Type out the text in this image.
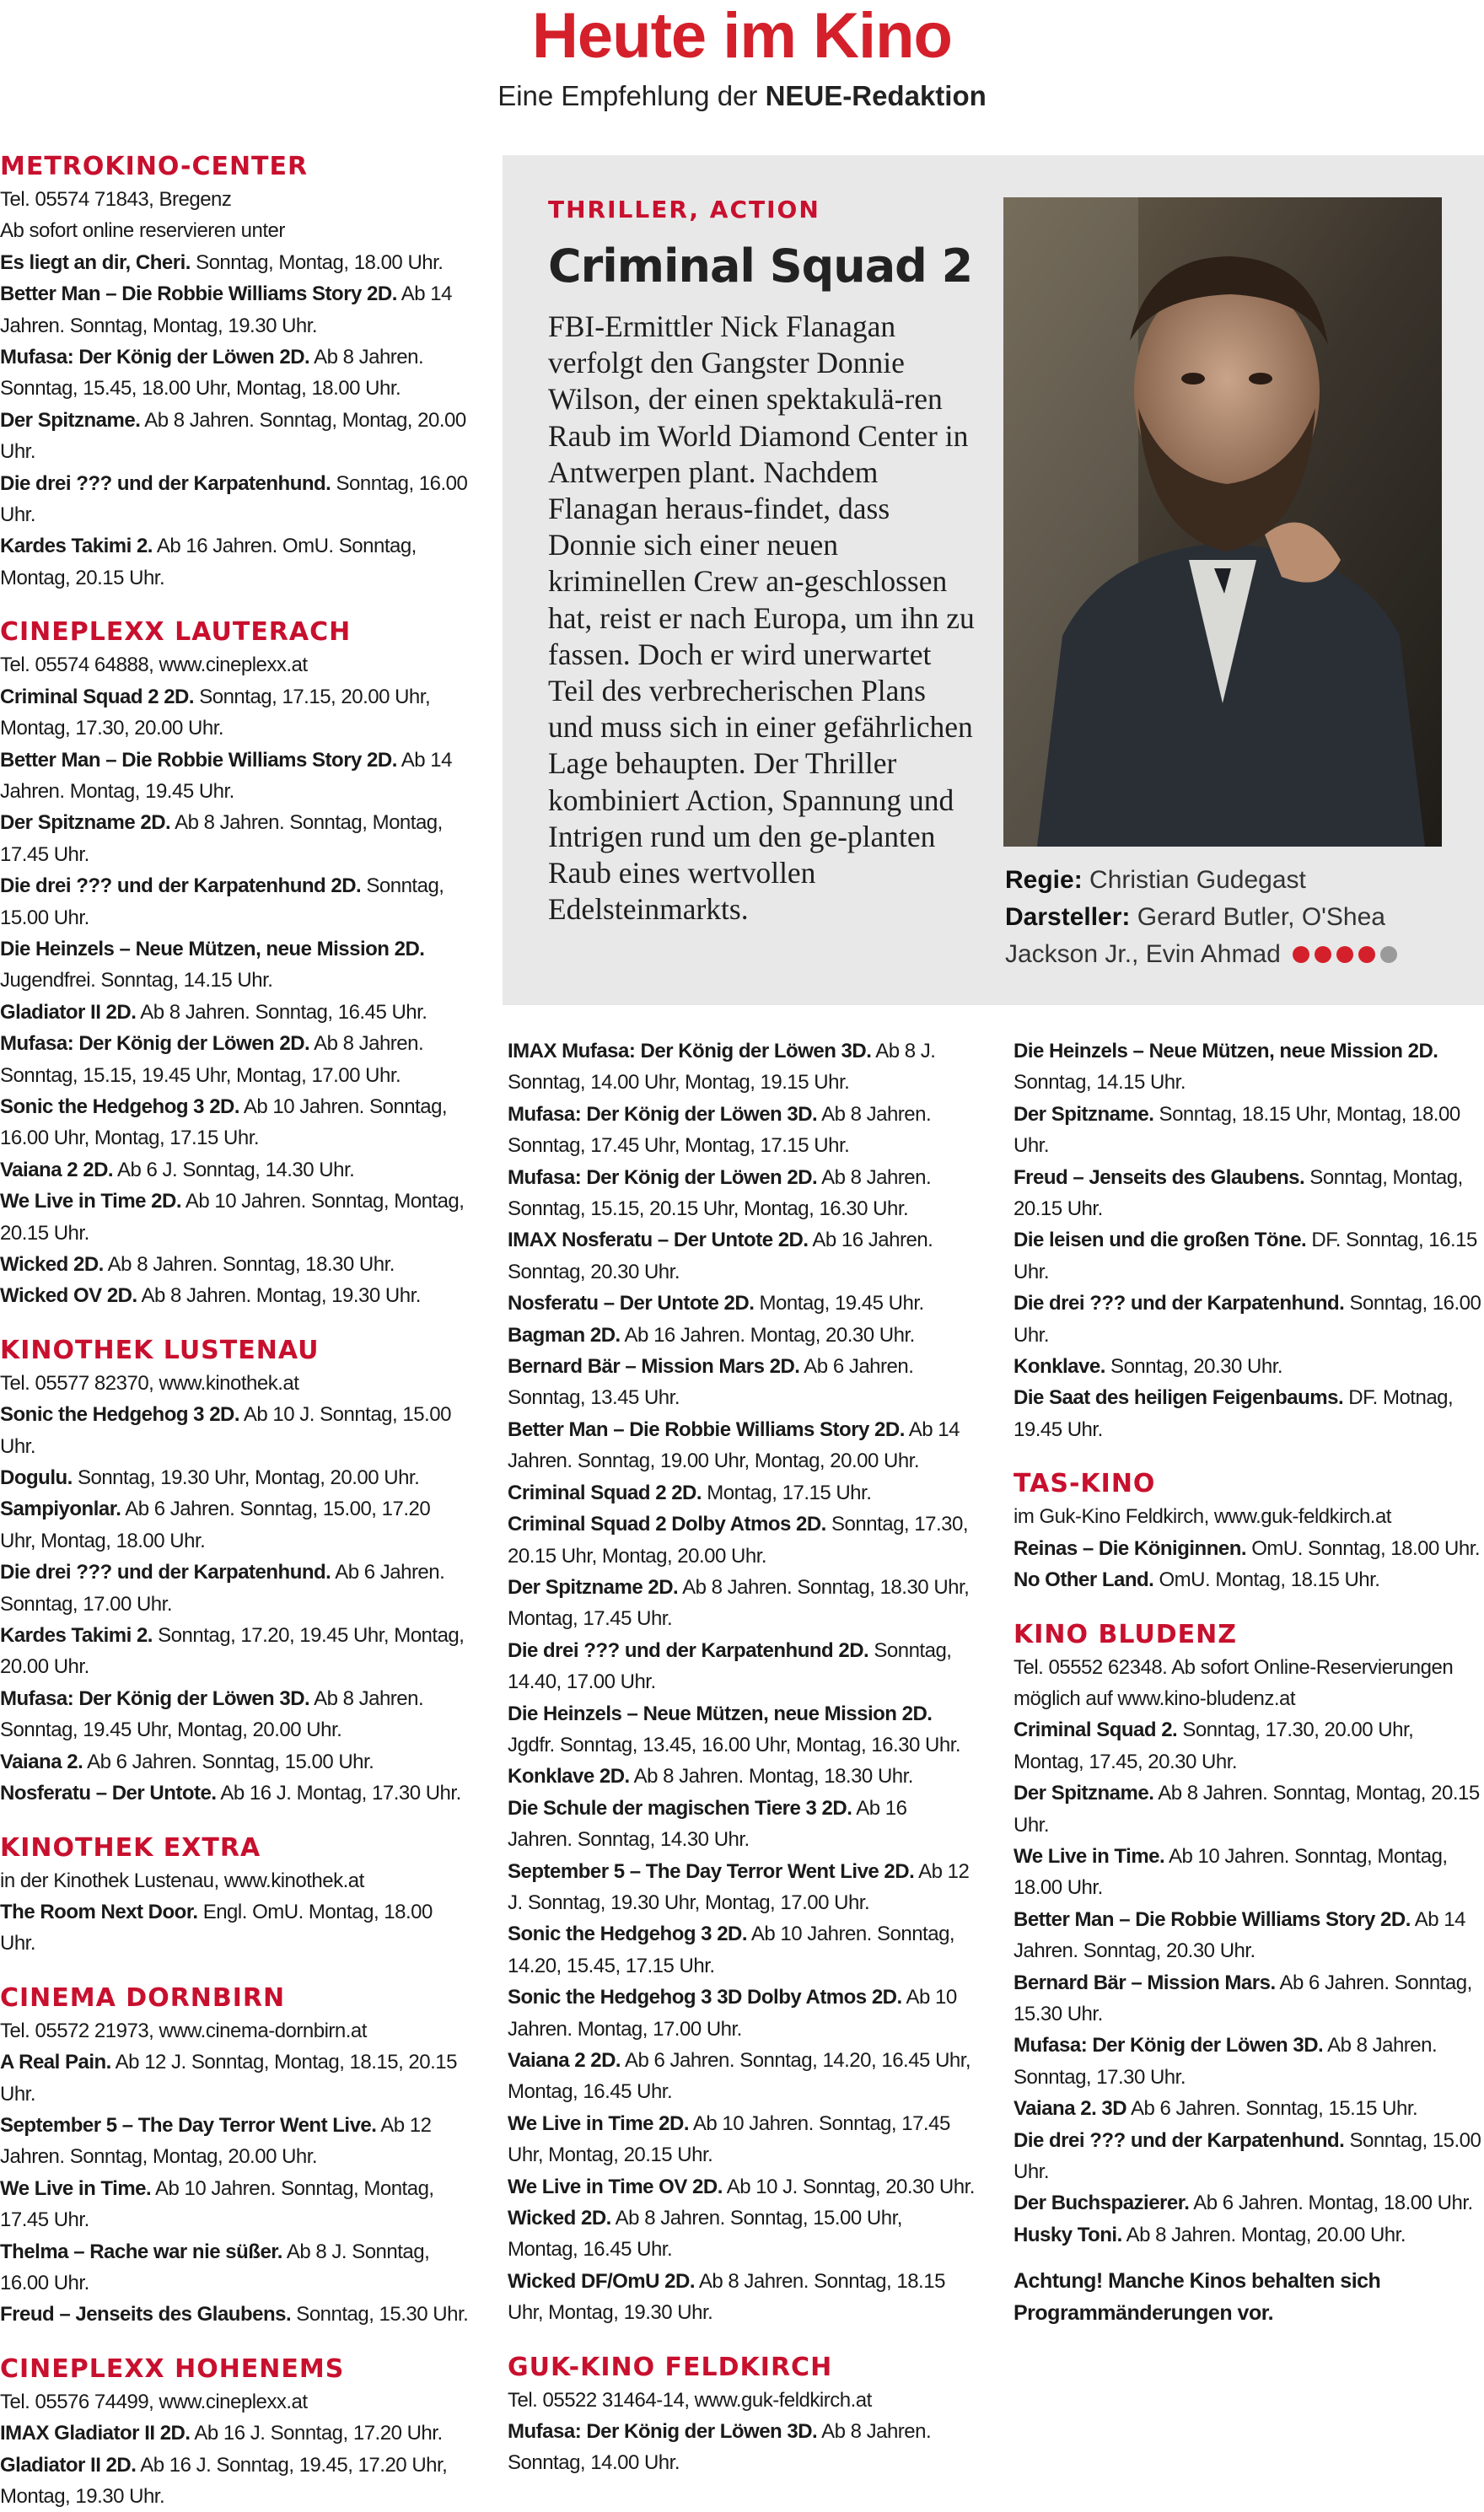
Heute im Kino
Eine Empfehlung der NEUE-Redaktion

METROKINO-CENTER

Tel. 05574 71843, Bregenz

Ab sofort online reservieren unter

Es liegt an dir, Cheri. Sonntag, Montag, 18.00 Uhr.

Better Man – Die Robbie Williams Story 2D. Ab 14 Jahren. Sonntag, Montag, 19.30 Uhr.

Mufasa: Der König der Löwen 2D. Ab 8 Jahren. Sonntag, 15.45, 18.00 Uhr, Montag, 18.00 Uhr.

Der Spitzname. Ab 8 Jahren. Sonntag, Montag, 20.00 Uhr.

Die drei ??? und der Karpatenhund. Sonntag, 16.00 Uhr.

Kardes Takimi 2. Ab 16 Jahren. OmU. Sonntag, Montag, 20.15 Uhr.

CINEPLEXX LAUTERACH

Tel. 05574 64888, www.cineplexx.at

Criminal Squad 2 2D. Sonntag, 17.15, 20.00 Uhr, Montag, 17.30, 20.00 Uhr.

Better Man – Die Robbie Williams Story 2D. Ab 14 Jahren. Montag, 19.45 Uhr.

Der Spitzname 2D. Ab 8 Jahren. Sonntag, Montag, 17.45 Uhr.

Die drei ??? und der Karpatenhund 2D. Sonntag, 15.00 Uhr.

Die Heinzels – Neue Mützen, neue Mission 2D. Jugendfrei. Sonntag, 14.15 Uhr.

Gladiator II 2D. Ab 8 Jahren. Sonntag, 16.45 Uhr.

Mufasa: Der König der Löwen 2D. Ab 8 Jahren. Sonntag, 15.15, 19.45 Uhr, Montag, 17.00 Uhr.

Sonic the Hedgehog 3 2D. Ab 10 Jahren. Sonntag, 16.00 Uhr, Montag, 17.15 Uhr.

Vaiana 2 2D. Ab 6 J. Sonntag, 14.30 Uhr.

We Live in Time 2D. Ab 10 Jahren. Sonntag, Montag, 20.15 Uhr.

Wicked 2D. Ab 8 Jahren. Sonntag, 18.30 Uhr.

Wicked OV 2D. Ab 8 Jahren. Montag, 19.30 Uhr.

KINOTHEK LUSTENAU

Tel. 05577 82370, www.kinothek.at

Sonic the Hedgehog 3 2D. Ab 10 J. Sonntag, 15.00 Uhr.

Dogulu. Sonntag, 19.30 Uhr, Montag, 20.00 Uhr.

Sampiyonlar. Ab 6 Jahren. Sonntag, 15.00, 17.20 Uhr, Montag, 18.00 Uhr.

Die drei ??? und der Karpatenhund. Ab 6 Jahren. Sonntag, 17.00 Uhr.

Kardes Takimi 2. Sonntag, 17.20, 19.45 Uhr, Montag, 20.00 Uhr.

Mufasa: Der König der Löwen 3D. Ab 8 Jahren. Sonntag, 19.45 Uhr, Montag, 20.00 Uhr.

Vaiana 2. Ab 6 Jahren. Sonntag, 15.00 Uhr.

Nosferatu – Der Untote. Ab 16 J. Montag, 17.30 Uhr.

KINOTHEK EXTRA

in der Kinothek Lustenau, www.kinothek.at

The Room Next Door. Engl. OmU. Montag, 18.00 Uhr.

CINEMA DORNBIRN

Tel. 05572 21973, www.cinema-dornbirn.at

A Real Pain. Ab 12 J. Sonntag, Montag, 18.15, 20.15 Uhr.

September 5 – The Day Terror Went Live. Ab 12 Jahren. Sonntag, Montag, 20.00 Uhr.

We Live in Time. Ab 10 Jahren. Sonntag, Montag, 17.45 Uhr.

Thelma – Rache war nie süßer. Ab 8 J. Sonntag, 16.00 Uhr.

Freud – Jenseits des Glaubens. Sonntag, 15.30 Uhr.

CINEPLEXX HOHENEMS

Tel. 05576 74499, www.cineplexx.at

IMAX Gladiator II 2D. Ab 16 J. Sonntag, 17.20 Uhr.

Gladiator II 2D. Ab 16 J. Sonntag, 19.45, 17.20 Uhr, Montag, 19.30 Uhr.

THRILLER, ACTION
Criminal Squad 2
FBI-Ermittler Nick Flanagan verfolgt den Gangster Donnie Wilson, der einen spektakulä-ren Raub im World Diamond Center in Antwerpen plant. Nachdem Flanagan heraus-findet, dass Donnie sich einer neuen kriminellen Crew an-geschlossen hat, reist er nach Europa, um ihn zu fassen. Doch er wird unerwartet Teil des verbrecherischen Plans und muss sich in einer gefährlichen Lage behaupten. Der Thriller kombiniert Action, Spannung und Intrigen rund um den ge-planten Raub eines wertvollen Edelsteinmarkts.
Regie: Christian Gudegast
Darsteller: Gerard Butler, O'Shea Jackson Jr., Evin Ahmad

IMAX Mufasa: Der König der Löwen 3D. Ab 8 J. Sonntag, 14.00 Uhr, Montag, 19.15 Uhr.

Mufasa: Der König der Löwen 3D. Ab 8 Jahren. Sonntag, 17.45 Uhr, Montag, 17.15 Uhr.

Mufasa: Der König der Löwen 2D. Ab 8 Jahren. Sonntag, 15.15, 20.15 Uhr, Montag, 16.30 Uhr.

IMAX Nosferatu – Der Untote 2D. Ab 16 Jahren. Sonntag, 20.30 Uhr.

Nosferatu – Der Untote 2D. Montag, 19.45 Uhr.

Bagman 2D. Ab 16 Jahren. Montag, 20.30 Uhr.

Bernard Bär – Mission Mars 2D. Ab 6 Jahren. Sonntag, 13.45 Uhr.

Better Man – Die Robbie Williams Story 2D. Ab 14 Jahren. Sonntag, 19.00 Uhr, Montag, 20.00 Uhr.

Criminal Squad 2 2D. Montag, 17.15 Uhr.

Criminal Squad 2 Dolby Atmos 2D. Sonntag, 17.30, 20.15 Uhr, Montag, 20.00 Uhr.

Der Spitzname 2D. Ab 8 Jahren. Sonntag, 18.30 Uhr, Montag, 17.45 Uhr.

Die drei ??? und der Karpatenhund 2D. Sonntag, 14.40, 17.00 Uhr.

Die Heinzels – Neue Mützen, neue Mission 2D. Jgdfr. Sonntag, 13.45, 16.00 Uhr, Montag, 16.30 Uhr.

Konklave 2D. Ab 8 Jahren. Montag, 18.30 Uhr.

Die Schule der magischen Tiere 3 2D. Ab 16 Jahren. Sonntag, 14.30 Uhr.

September 5 – The Day Terror Went Live 2D. Ab 12 J. Sonntag, 19.30 Uhr, Montag, 17.00 Uhr.

Sonic the Hedgehog 3 2D. Ab 10 Jahren. Sonntag, 14.20, 15.45, 17.15 Uhr.

Sonic the Hedgehog 3 3D Dolby Atmos 2D. Ab 10 Jahren. Montag, 17.00 Uhr.

Vaiana 2 2D. Ab 6 Jahren. Sonntag, 14.20, 16.45 Uhr, Montag, 16.45 Uhr.

We Live in Time 2D. Ab 10 Jahren. Sonntag, 17.45 Uhr, Montag, 20.15 Uhr.

We Live in Time OV 2D. Ab 10 J. Sonntag, 20.30 Uhr.

Wicked 2D. Ab 8 Jahren. Sonntag, 15.00 Uhr, Montag, 16.45 Uhr.

Wicked DF/OmU 2D. Ab 8 Jahren. Sonntag, 18.15 Uhr, Montag, 19.30 Uhr.

GUK-KINO FELDKIRCH

Tel. 05522 31464-14, www.guk-feldkirch.at

Mufasa: Der König der Löwen 3D. Ab 8 Jahren. Sonntag, 14.00 Uhr.

Die Heinzels – Neue Mützen, neue Mission 2D. Sonntag, 14.15 Uhr.

Der Spitzname. Sonntag, 18.15 Uhr, Montag, 18.00 Uhr.

Freud – Jenseits des Glaubens. Sonntag, Montag, 20.15 Uhr.

Die leisen und die großen Töne. DF. Sonntag, 16.15 Uhr.

Die drei ??? und der Karpatenhund. Sonntag, 16.00 Uhr.

Konklave. Sonntag, 20.30 Uhr.

Die Saat des heiligen Feigenbaums. DF. Motnag, 19.45 Uhr.

TAS-KINO

im Guk-Kino Feldkirch, www.guk-feldkirch.at

Reinas – Die Königinnen. OmU. Sonntag, 18.00 Uhr.

No Other Land. OmU. Montag, 18.15 Uhr.

KINO BLUDENZ

Tel. 05552 62348. Ab sofort Online-Reservierungen möglich auf www.kino-bludenz.at

Criminal Squad 2. Sonntag, 17.30, 20.00 Uhr, Montag, 17.45, 20.30 Uhr.

Der Spitzname. Ab 8 Jahren. Sonntag, Montag, 20.15 Uhr.

We Live in Time. Ab 10 Jahren. Sonntag, Montag, 18.00 Uhr.

Better Man – Die Robbie Williams Story 2D. Ab 14 Jahren. Sonntag, 20.30 Uhr.

Bernard Bär – Mission Mars. Ab 6 Jahren. Sonntag, 15.30 Uhr.

Mufasa: Der König der Löwen 3D. Ab 8 Jahren. Sonntag, 17.30 Uhr.

Vaiana 2. 3D Ab 6 Jahren. Sonntag, 15.15 Uhr.

Die drei ??? und der Karpatenhund. Sonntag, 15.00 Uhr.

Der Buchspazierer. Ab 6 Jahren. Montag, 18.00 Uhr.

Husky Toni. Ab 8 Jahren. Montag, 20.00 Uhr.

Achtung! Manche Kinos behalten sich Programmänderungen vor.
